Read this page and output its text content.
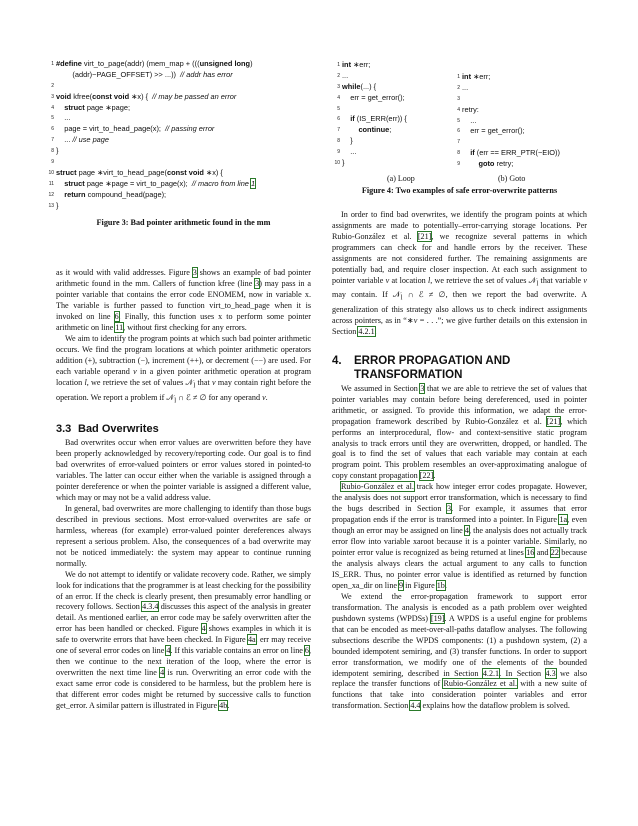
1 #define virt_to_page(addr) (mem_map + (((unsigned long)
(addr)−PAGE_OFFSET) >> ...))  // addr has error
2
3 void kfree(const void ∗x) {  // may be passed an error
4 struct page ∗page;
5 ...
6 page = virt_to_head_page(x);  // passing error
7 ... // use page
8 }
9
10 struct page ∗virt_to_head_page(const void ∗x) {
11 struct page ∗page = virt_to_page(x);  // macro from line 1
12 return compound_head(page);
13 }
Figure 3: Bad pointer arithmetic found in the mm

as it would with valid addresses. Figure 3 shows an example of bad pointer arithmetic found in the mm. Callers of function kfree (line 3) may pass in a pointer variable that contains the error code ENOMEM, now in variable x. The variable is further passed to function virt_to_head_page when it is invoked on line 6. Finally, this function uses x to perform some pointer arithmetic on line 11, without first checking for any errors.

We aim to identify the program points at which such bad pointer arithmetic occurs. We find the program locations at which pointer arithmetic operators addition (+), subtraction (−), increment (++), or decrement (−−) are used. For each variable operand v in a given pointer arithmetic operation at program location l, we retrieve the set of values 𝒩$_l$ that v may contain right before the operation. We report a problem if 𝒩$_l$ ∩ ℰ ≠ ∅ for any operand v.

3.3 Bad Overwrites

Bad overwrites occur when error values are overwritten before they have been properly acknowledged by recovery/reporting code. Our goal is to find bad overwrites of error-valued pointers or error values stored in pointed-to variables. The latter can occur either when the variable is assigned through a pointer dereference or when the pointer variable is assigned a different value, which may or may not be a valid address value.

In general, bad overwrites are more challenging to identify than those bugs described in previous sections. Most error-valued overwrites are safe or harmless, whereas (for example) error-valued pointer dereferences always represent a serious problem. Also, the consequences of a bad overwrite may not be noticed immediately: the system may appear to continue running normally.

We do not attempt to identify or validate recovery code. Rather, we simply look for indications that the programmer is at least checking for the possibility of an error. If the check is clearly present, then presumably error handling or recovery follows. Section 4.3.4 discusses this aspect of the analysis in greater detail. As mentioned earlier, an error code may be safely overwritten after the error has been handled or checked. Figure 4 shows examples in which it is safe to overwrite errors that have been checked. In Figure 4a, err may receive one of several error codes on line 4. If this variable contains an error on line 6, then we continue to the next iteration of the loop, where the error is overwritten the next time line 4 is run. Overwriting an error code with the exact same error code is considered to be harmless, but the problem here is that different error codes might be returned by successive calls to function get_error. A similar pattern is illustrated in Figure 4b.

1 int ∗err;
2 ...
3 while(...) {
4 err = get_error();
5
6 if (IS_ERR(err)) {
7 continue;
8 }
9 ...
10 }
1 int ∗err;
2 ...
3
4 retry:
5 ...
6 err = get_error();
7
8 if (err == ERR_PTR(−EIO))
9 goto retry;
(a) Loop	(b) Goto
Figure 4: Two examples of safe error-overwrite patterns

In order to find bad overwrites, we identify the program points at which assignments are made to potentially–error-carrying storage locations. Per Rubio-González et al. [21], we recognize several patterns in which programmers can check for and handle errors by the receiver. These assignments are not considered further. The remaining assignments are potentially bad, and require closer inspection. At each such assignment to pointer variable v at location l, we retrieve the set of values 𝒩$_l$ that variable v may contain. If 𝒩$_l$ ∩ ℰ ≠ ∅, then we report the bad overwrite. A generalization of this strategy also allows us to check indirect assignments across pointers, as in “∗v = . . .”; we give further details on this extension in Section 4.2.1.

4. ERROR PROPAGATION AND
TRANSFORMATION

We assumed in Section 3 that we are able to retrieve the set of values that pointer variables may contain before being dereferenced, used in pointer arithmetic, or assigned. To provide this information, we adapt the error-propagation framework described by Rubio-González et al. [21], which performs an interprocedural, flow- and context-sensitive static program analysis to track errors until they are overwritten, dropped, or handled. The goal is to find the set of values that each variable may contain at each program point. This problem resembles an over-approximating analogue of copy constant propagation [22].

Rubio-González et al. track how integer error codes propagate. However, the analysis does not support error transformation, which is necessary to find the bugs described in Section 3. For example, it assumes that error propagation ends if the error is transformed into a pointer. In Figure 1a, even though an error may be assigned on line 4, the analysis does not actually track error flow into variable xaroot because it is a pointer variable. Similarly, no pointer error value is recognized as being returned at lines 16 and 22 because the analysis always clears the actual argument to any calls to function IS_ERR. Thus, no pointer error value is identified as returned by function open_xa_dir on line 9 in Figure 1b.

We extend the error-propagation framework to support error transformation. The analysis is encoded as a path problem over weighted pushdown systems (WPDSs) [19]. A WPDS is a useful engine for problems that can be encoded as meet-over-all-paths dataflow analyses. The following subsections describe the WPDS components: (1) a pushdown system, (2) a bounded idempotent semiring, and (3) transfer functions. In order to support error transformation, we modify one of the elements of the bounded idempotent semiring, described in Section 4.2.1. In Section 4.3 we also replace the transfer functions of Rubio-González et al. with a new suite of functions that take into consideration pointer variables and error transformation. Section 4.4 explains how the dataflow problem is solved.
